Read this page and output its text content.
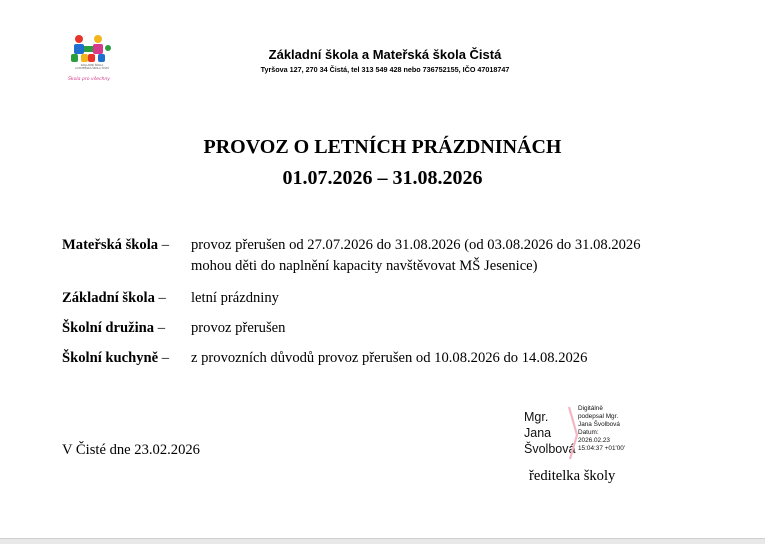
ZÁKLADNÍ ŠKOLA
A MATEŘSKÁ ŠKOLA ČISTÁ
Škola pro všechny
Základní škola a Mateřská škola Čistá
Tyršova 127, 270 34 Čistá, tel 313 549 428 nebo 736752155, IČO 47018747
PROVOZ O LETNÍCH PRÁZDNINÁCH
01.07.2026 – 31.08.2026
Mateřská škola – provoz přerušen od 27.07.2026 do 31.08.2026 (od 03.08.2026 do 31.08.2026
mohou děti do naplnění kapacity navštěvovat MŠ Jesenice)
Základní škola – letní prázdniny
Školní družina – provoz přerušen
Školní kuchyně – z provozních důvodů provoz přerušen od 10.08.2026 do 14.08.2026
V Čisté dne 23.02.2026
Mgr.
Jana
Švolbová
Digitálně
podepsal Mgr.
Jana Švolbová
Datum:
2026.02.23
15:04:37 +01'00'
ředitelka školy
